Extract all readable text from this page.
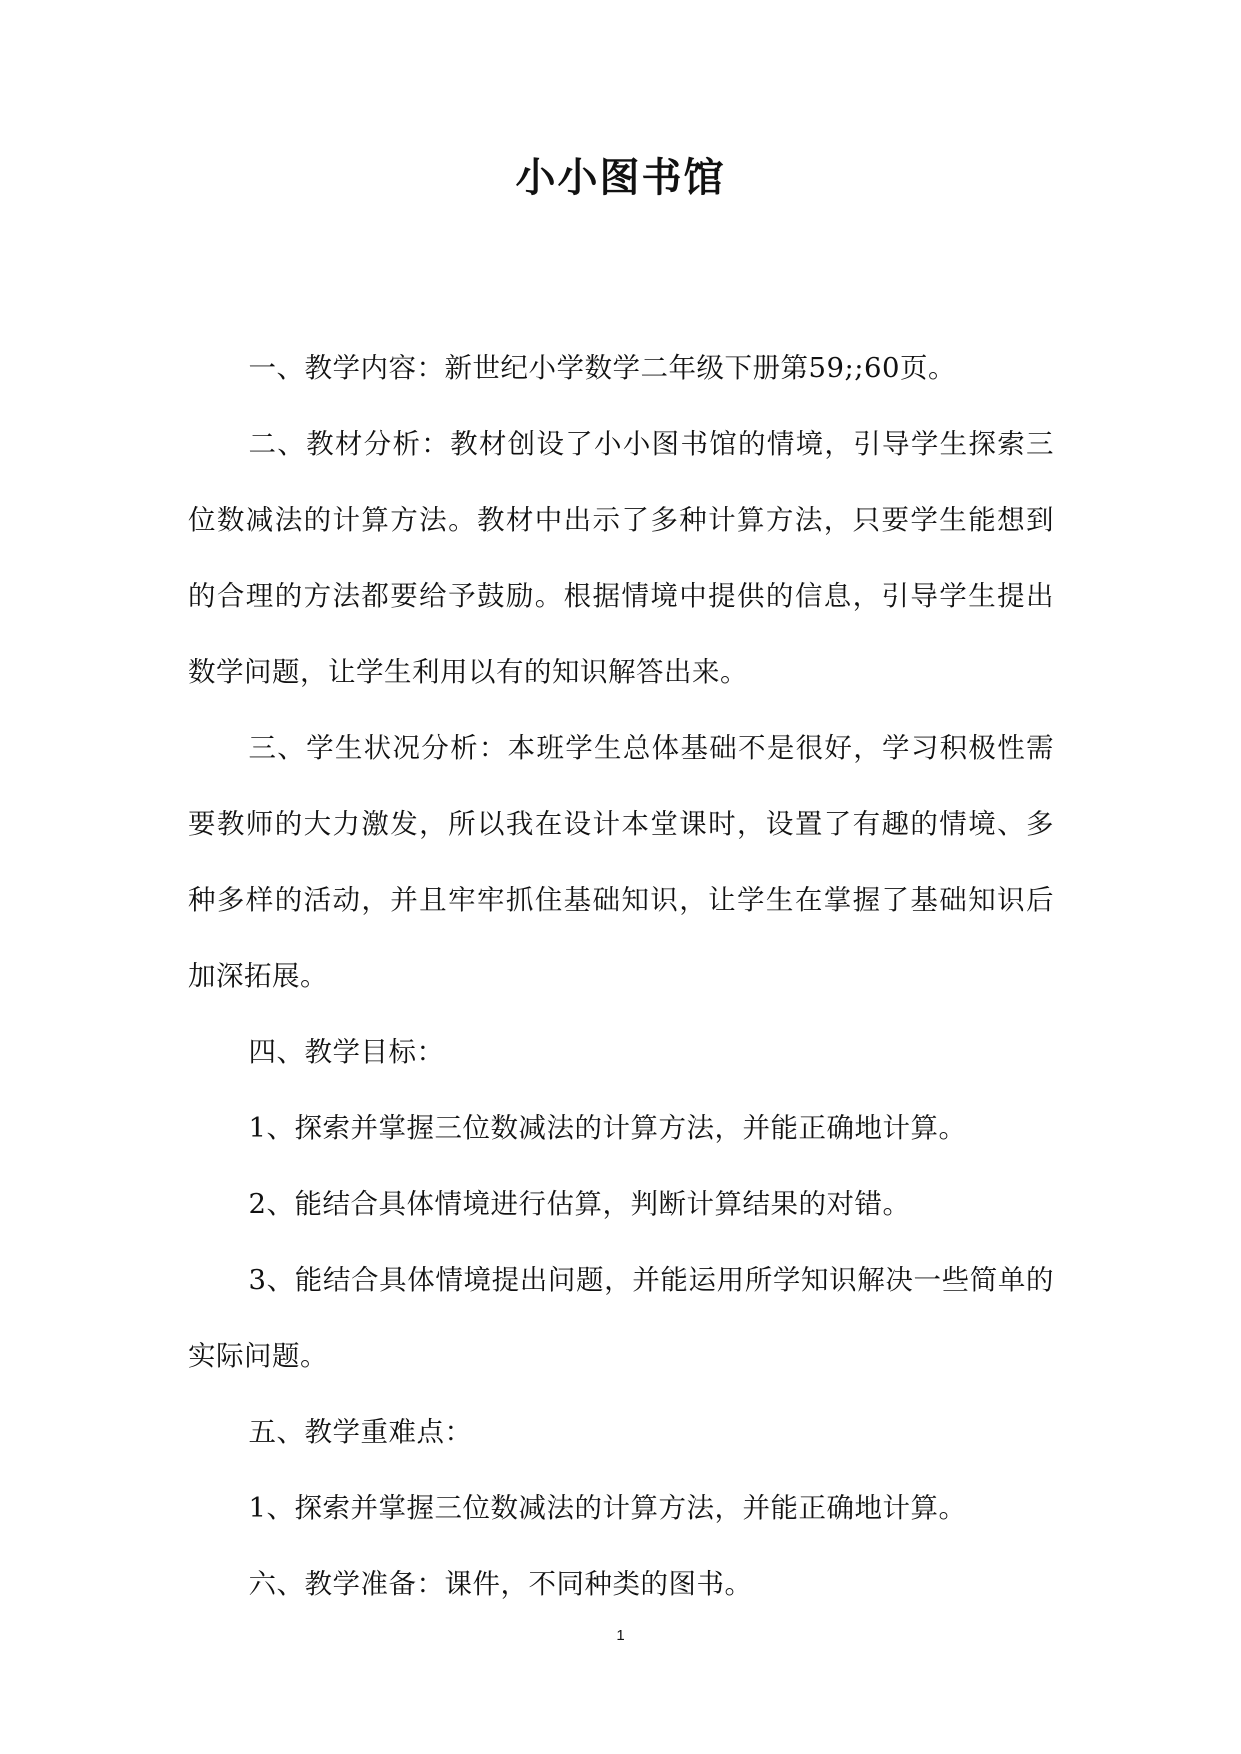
小小图书馆

一、教学内容：新世纪小学数学二年级下册第59;;60页。

二、教材分析：教材创设了小小图书馆的情境，引导学生探索三位数减法的计算方法。教材中出示了多种计算方法，只要学生能想到的合理的方法都要给予鼓励。根据情境中提供的信息，引导学生提出数学问题，让学生利用以有的知识解答出来。

三、学生状况分析：本班学生总体基础不是很好，学习积极性需要教师的大力激发，所以我在设计本堂课时，设置了有趣的情境、多种多样的活动，并且牢牢抓住基础知识，让学生在掌握了基础知识后加深拓展。

四、教学目标：

1、探索并掌握三位数减法的计算方法，并能正确地计算。

2、能结合具体情境进行估算，判断计算结果的对错。

3、能结合具体情境提出问题，并能运用所学知识解决一些简单的实际问题。

五、教学重难点：

1、探索并掌握三位数减法的计算方法，并能正确地计算。

六、教学准备：课件，不同种类的图书。

1
